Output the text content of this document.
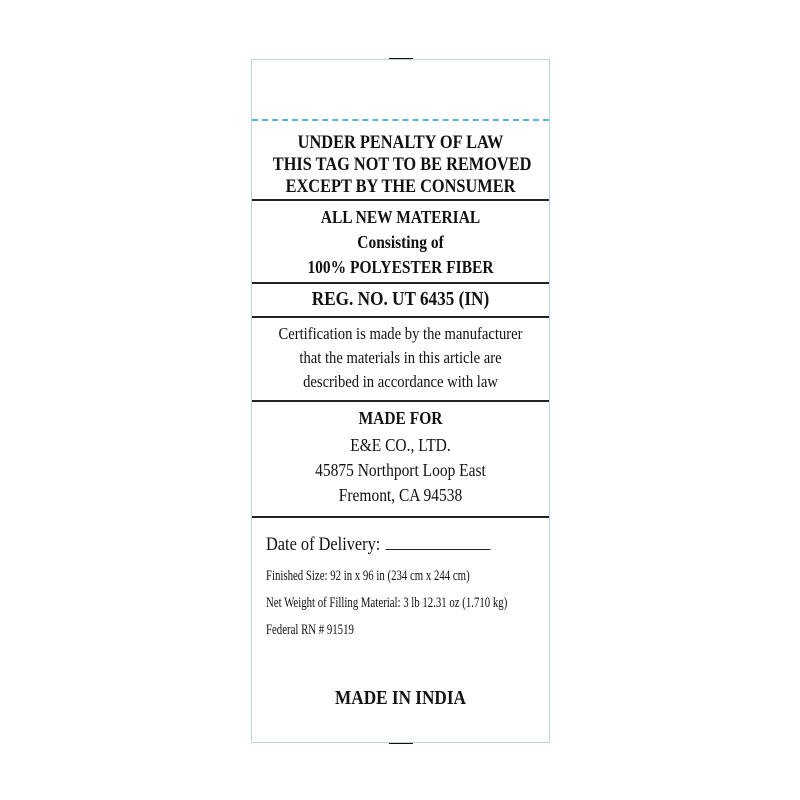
UNDER PENALTY OF LAW
THIS TAG NOT TO BE REMOVED
EXCEPT BY THE CONSUMER
ALL NEW MATERIAL
Consisting of
100% POLYESTER FIBER
REG. NO. UT 6435 (IN)
Certification is made by the manufacturer
that the materials in this article are
described in accordance with law
MADE FOR
E&E CO., LTD.
45875 Northport Loop East
Fremont, CA 94538
Date of Delivery:
Finished Size: 92 in x 96 in (234 cm x 244 cm)
Net Weight of Filling Material: 3 lb 12.31 oz (1.710 kg)
Federal RN # 91519
MADE IN INDIA
